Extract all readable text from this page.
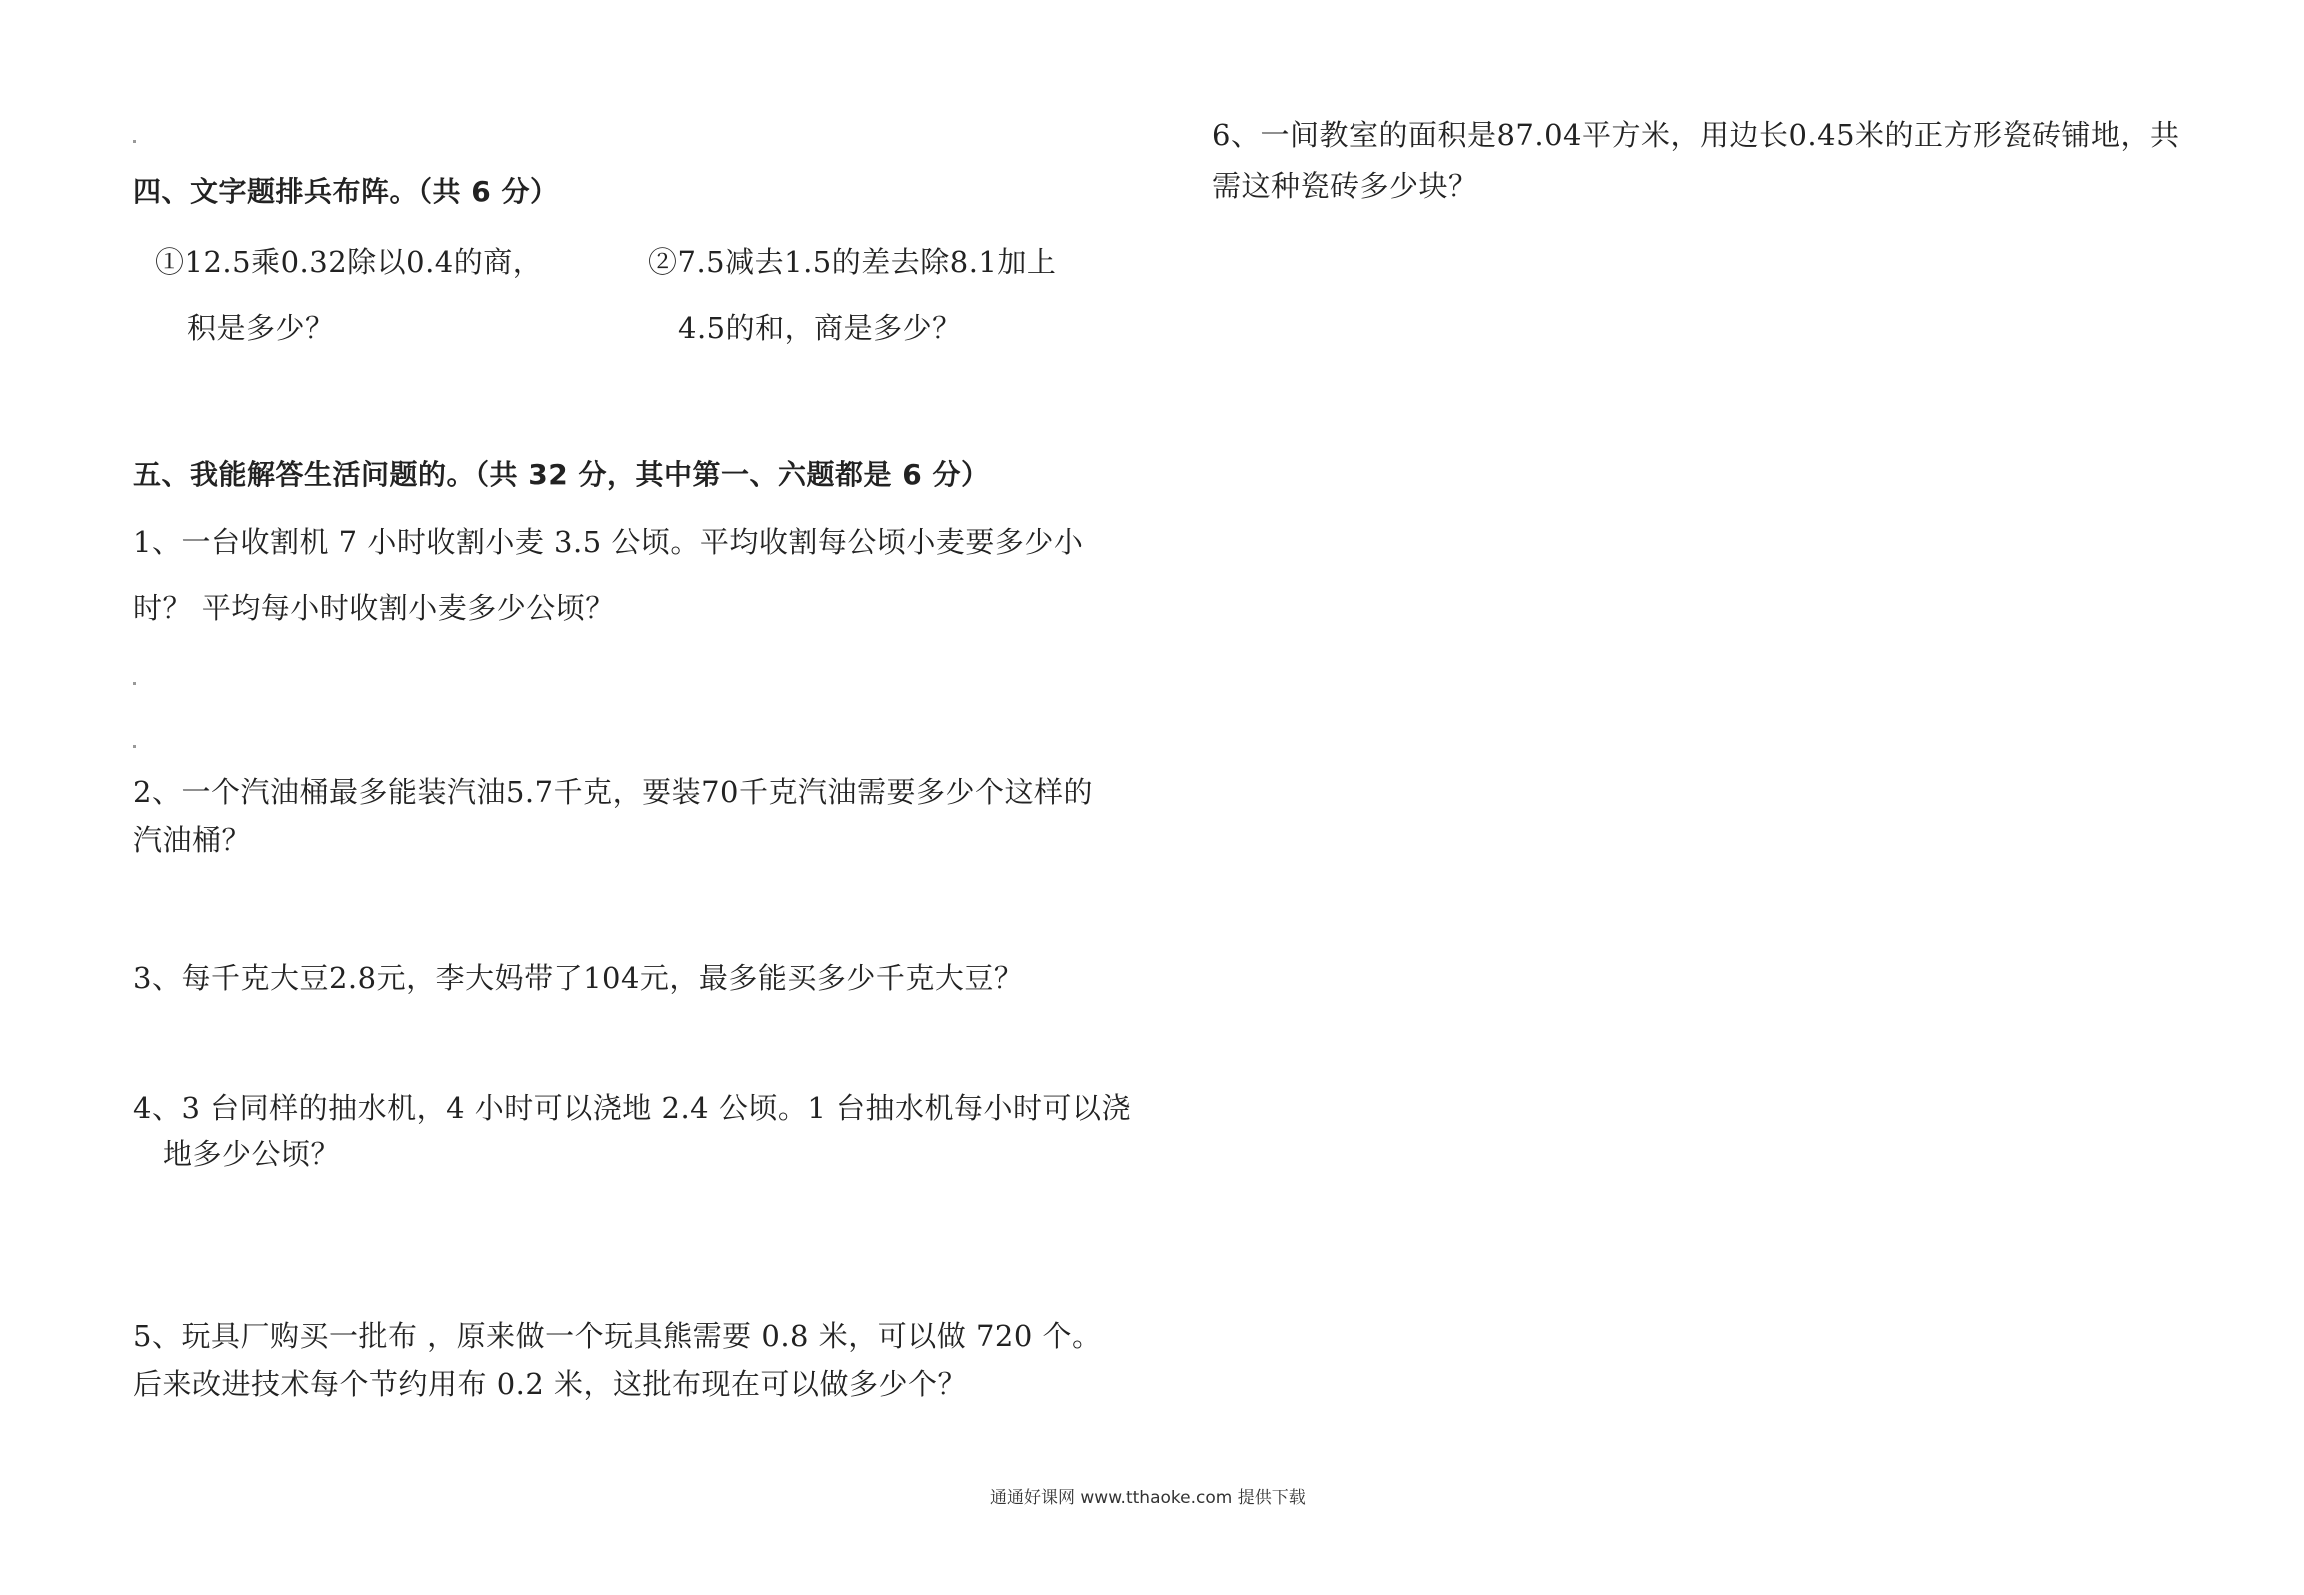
四、文字题排兵布阵。（共 6 分）
①12.5乘0.32除以0.4的商，
积是多少？
②7.5减去1.5的差去除8.1加上
4.5的和，商是多少？
五、我能解答生活问题的。（共 32 分，其中第一、六题都是 6 分）
1、一台收割机 7 小时收割小麦 3.5 公顷。平均收割每公顷小麦要多少小
时？ 平均每小时收割小麦多少公顷？
2、一个汽油桶最多能装汽油5.7千克，要装70千克汽油需要多少个这样的
汽油桶？
3、每千克大豆2.8元，李大妈带了104元，最多能买多少千克大豆？
4、3 台同样的抽水机，4 小时可以浇地 2.4 公顷。1 台抽水机每小时可以浇
地多少公顷？
5、玩具厂购买一批布 ，原来做一个玩具熊需要 0.8 米，可以做 720 个。
后来改进技术每个节约用布 0.2 米，这批布现在可以做多少个？
6、一间教室的面积是87.04平方米，用边长0.45米的正方形瓷砖铺地，共
需这种瓷砖多少块？
通通好课网 www.tthaoke.com 提供下载
